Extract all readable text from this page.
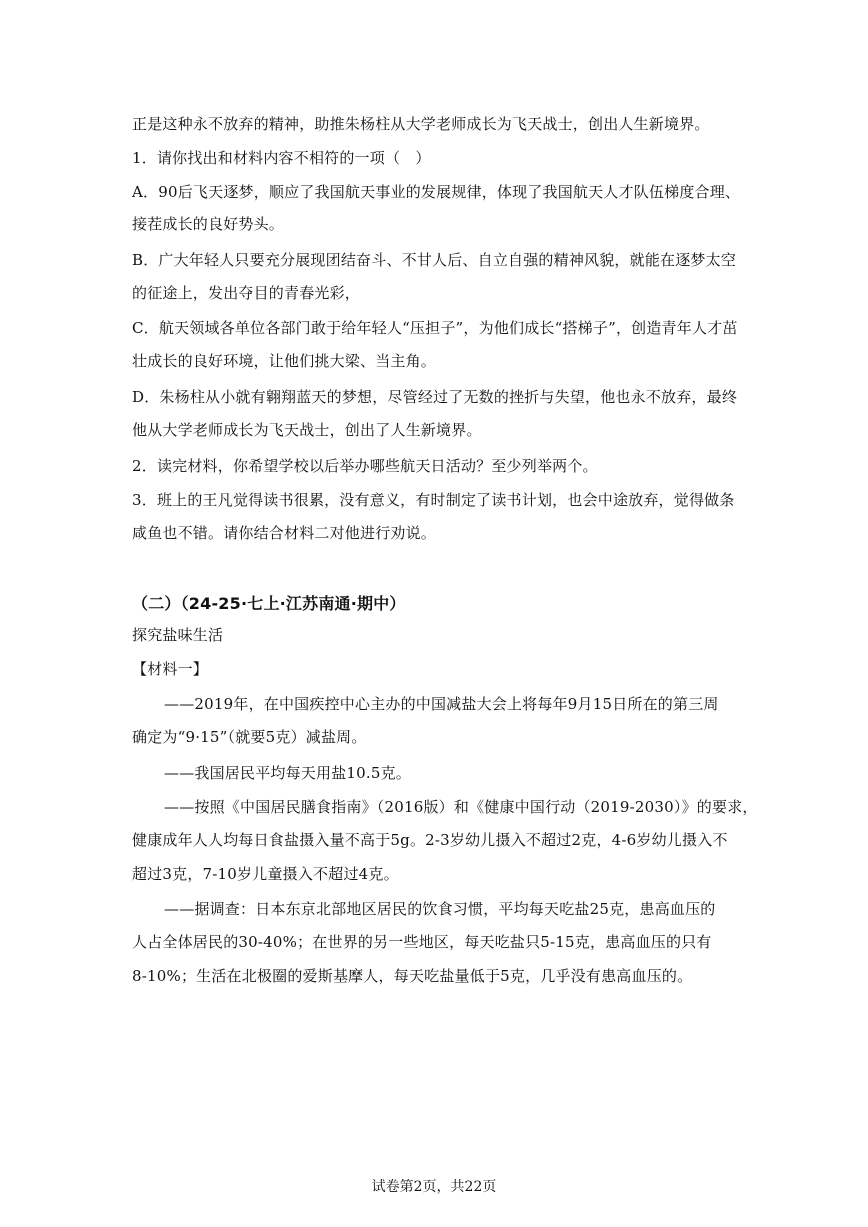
正是这种永不放弃的精神，助推朱杨柱从大学老师成长为飞天战士，创出人生新境界。
1．请你找出和材料内容不相符的一项（　）
A．90后飞天逐梦，顺应了我国航天事业的发展规律，体现了我国航天人才队伍梯度合理、
接茬成长的良好势头。
B．广大年轻人只要充分展现团结奋斗、不甘人后、自立自强的精神风貌，就能在逐梦太空
的征途上，发出夺目的青春光彩，
C．航天领域各单位各部门敢于给年轻人“压担子”，为他们成长“搭梯子”，创造青年人才茁
壮成长的良好环境，让他们挑大梁、当主角。
D．朱杨柱从小就有翱翔蓝天的梦想，尽管经过了无数的挫折与失望，他也永不放弃，最终
他从大学老师成长为飞天战士，创出了人生新境界。
2．读完材料，你希望学校以后举办哪些航天日活动？至少列举两个。
3．班上的王凡觉得读书很累，没有意义，有时制定了读书计划，也会中途放弃，觉得做条
咸鱼也不错。请你结合材料二对他进行劝说。
（二）（24-25·七上·江苏南通·期中）
探究盐味生活
【材料一】
——2019年，在中国疾控中心主办的中国减盐大会上将每年9月15日所在的第三周
确定为“9·15”（就要5克）减盐周。
——我国居民平均每天用盐10.5克。
——按照《中国居民膳食指南》（2016版）和《健康中国行动（2019-2030）》的要求，
健康成年人人均每日食盐摄入量不高于5g。2-3岁幼儿摄入不超过2克，4-6岁幼儿摄入不
超过3克，7-10岁儿童摄入不超过4克。
——据调查：日本东京北部地区居民的饮食习惯，平均每天吃盐25克，患高血压的
人占全体居民的30-40%；在世界的另一些地区，每天吃盐只5-15克，患高血压的只有
8-10%；生活在北极圈的爱斯基摩人，每天吃盐量低于5克，几乎没有患高血压的。
试卷第2页，共22页
